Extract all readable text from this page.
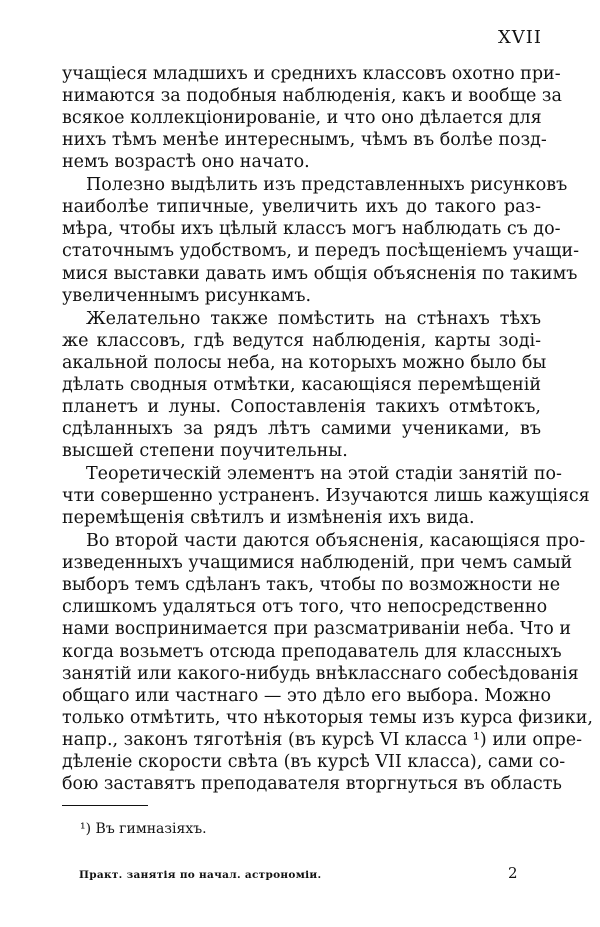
XVII
учащіеся младшихъ и среднихъ классовъ охотно при-
нимаются за подобныя наблюденія, какъ и вообще за
всякое коллекціонированіе, и что оно дѣлается для
нихъ тѣмъ менѣе интереснымъ, чѣмъ въ болѣе позд-
немъ возрастѣ оно начато.
Полезно выдѣлить изъ представленныхъ рисунковъ
наиболѣе типичные, увеличить ихъ до такого раз-
мѣра, чтобы ихъ цѣлый классъ могъ наблюдать съ до-
статочнымъ удобствомъ, и передъ посѣщеніемъ учащи-
мися выставки давать имъ общія объясненія по такимъ
увеличеннымъ рисункамъ.
Желательно также помѣстить на стѣнахъ тѣхъ
же классовъ, гдѣ ведутся наблюденія, карты зоді-
акальной полосы неба, на которыхъ можно было бы
дѣлать сводныя отмѣтки, касающіяся перемѣщеній
планетъ и луны. Сопоставленія такихъ отмѣтокъ,
сдѣланныхъ за рядъ лѣтъ самими учениками, въ
высшей степени поучительны.
Теоретическій элементъ на этой стадіи занятій по-
чти совершенно устраненъ. Изучаются лишь кажущіяся
перемѣщенія свѣтилъ и измѣненія ихъ вида.
Во второй части даются объясненія, касающіяся про-
изведенныхъ учащимися наблюденій, при чемъ самый
выборъ темъ сдѣланъ такъ, чтобы по возможности не
слишкомъ удаляться отъ того, что непосредственно
нами воспринимается при разсматриваніи неба. Что и
когда возьметъ отсюда преподаватель для классныхъ
занятій или какого-нибудь внѣкласснаго собесѣдованія
общаго или частнаго — это дѣло его выбора. Можно
¹) Въ гимназіяхъ.
Практ. занятія по начал. астрономіи.	2
только отмѣтить, что нѣкоторыя темы изъ курса физики,
напр., законъ тяготѣнія (въ курсѣ VI класса ¹) или опре-
дѣленіе скорости свѣта (въ курсѣ VII класса), сами со-
бою заставятъ преподавателя вторгнуться въ область
